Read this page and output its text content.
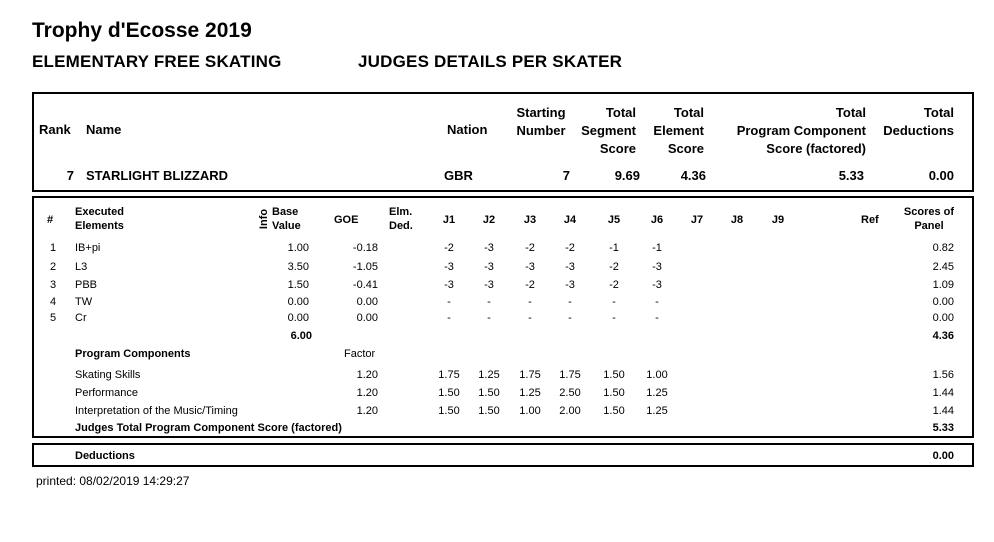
Trophy d'Ecosse 2019
ELEMENTARY FREE SKATING	JUDGES DETAILS PER SKATER
Rank Name	Nation
Starting
Number
Total
Segment
Score
Total
Element
Score
Total
Program Component
Score (factored)
Total
Deductions
7 STARLIGHT BLIZZARD	GBR	7	9.69	4.36	5.33	0.00
#
Executed
Elements	Info Base
Value	GOE
Elm.
Ded.	J1	J2	J3	J4	J5	J6	J7	J8	J9	Ref
Scores of
Panel
1	IB+pi	1.00	-0.18	-2	-3	-2	-2	-1	-1	0.82
2	L3	3.50	-1.05	-3	-3	-3	-3	-2	-3	2.45
3	PBB	1.50	-0.41	-3	-3	-2	-3	-2	-3	1.09
4	TW	0.00	0.00	-	-	-	-	-	-	0.00
5	Cr	0.00	0.00	-	-	-	-	-	-	0.00
6.00	4.36
Program Components	Factor
Skating Skills	1.20	1.75	1.25	1.75	1.75	1.50	1.00	1.56
Performance	1.20	1.50	1.50	1.25	2.50	1.50	1.25	1.44
Interpretation of the Music/Timing	1.20	1.50	1.50	1.00	2.00	1.50	1.25	1.44
Judges Total Program Component Score (factored)	5.33
Deductions	0.00
printed: 08/02/2019 14:29:27
